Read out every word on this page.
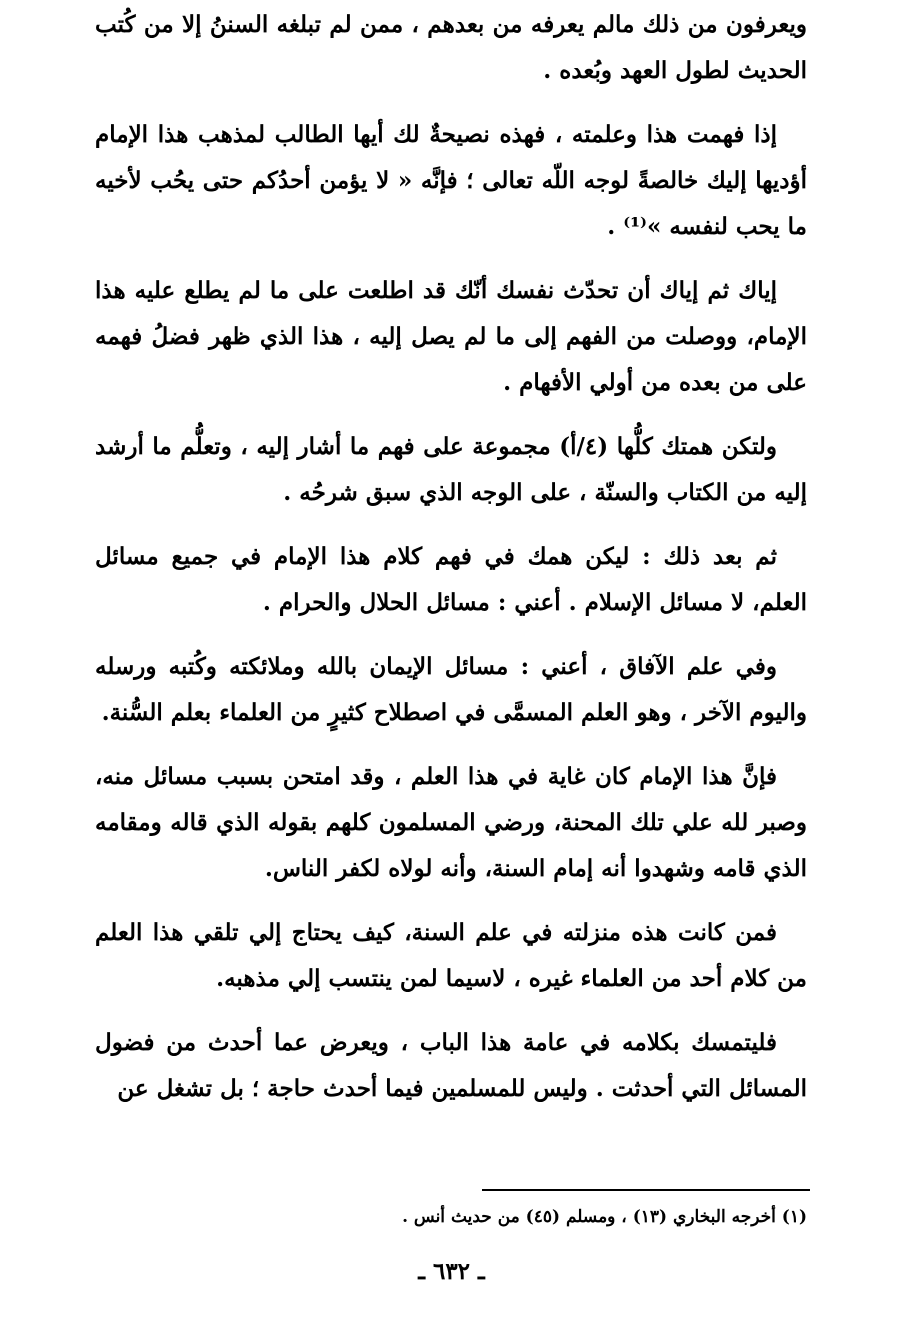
ويعرفون من ذلك مالم يعرفه من بعدهم ، ممن لم تبلغه السننُ إلا من كُتب الحديث لطول العهد وبُعده .

إذا فهمت هذا وعلمته ، فهذه نصيحةٌ لك أيها الطالب لمذهب هذا الإمام أؤديها إليك خالصةً لوجه اللّه تعالى ؛ فإنَّه « لا يؤمن أحدُكم حتى يحُب لأخيه ما يحب لنفسه »⁽¹⁾ .

إياك ثم إياك أن تحدّث نفسك أنّك قد اطلعت على ما لم يطلع عليه هذا الإمام، ووصلت من الفهم إلى ما لم يصل إليه ، هذا الذي ظهر فضلُ فهمه على من بعده من أولي الأفهام .

ولتكن همتك كلُّها (٤/أ) مجموعة على فهم ما أشار إليه ، وتعلُّم ما أرشد إليه من الكتاب والسنّة ، على الوجه الذي سبق شرحُه .

ثم بعد ذلك : ليكن همك في فهم كلام هذا الإمام في جميع مسائل العلم، لا مسائل الإسلام . أعني : مسائل الحلال والحرام .

وفي علم الآفاق ، أعني : مسائل الإيمان بالله وملائكته وكُتبه ورسله واليوم الآخر ، وهو العلم المسمَّى في اصطلاح كثيرٍ من العلماء بعلم السُّنة.

فإنَّ هذا الإمام كان غاية في هذا العلم ، وقد امتحن بسبب مسائل منه، وصبر لله علي تلك المحنة، ورضي المسلمون كلهم بقوله الذي قاله ومقامه الذي قامه وشهدوا أنه إمام السنة، وأنه لولاه لكفر الناس.

فمن كانت هذه منزلته في علم السنة، كيف يحتاج إلي تلقي هذا العلم من كلام أحد من العلماء غيره ، لاسيما لمن ينتسب إلي مذهبه.

فليتمسك بكلامه في عامة هذا الباب ، ويعرض عما أحدث من فضول المسائل التي أحدثت . وليس للمسلمين فيما أحدث حاجة ؛ بل تشغل عن

(١) أخرجه البخاري (١٣) ، ومسلم (٤٥) من حديث أنس .

ـ ٦٣٢ ـ
